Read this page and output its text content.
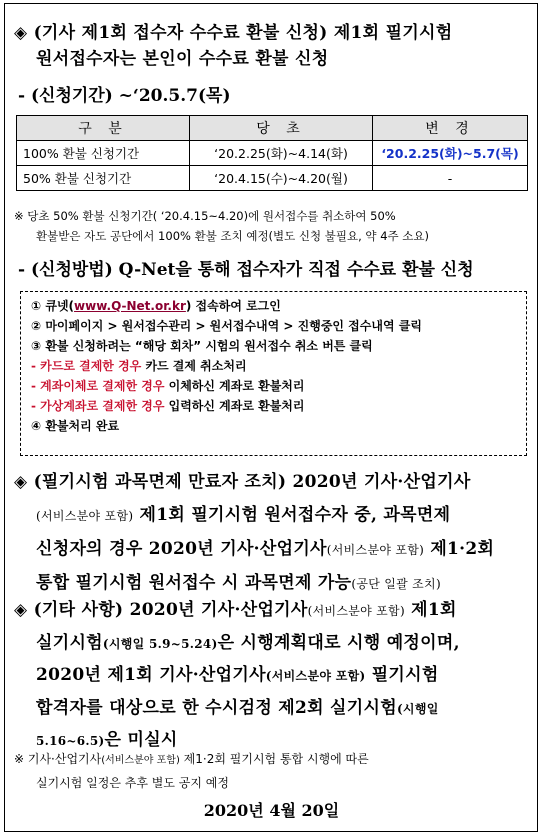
◈ (기사 제1회 접수자 수수료 환불 신청) 제1회 필기시험
원서접수자는 본인이 수수료 환불 신청
- (신청기간) ~‘20.5.7(목)
구 분	당 초	변 경
100% 환불 신청기간	‘20.2.25(화)~4.14(화)	‘20.2.25(화)~5.7(목)
50% 환불 신청기간	‘20.4.15(수)~4.20(월)	-
※ 당초 50% 환불 신청기간( ‘20.4.15~4.20)에 원서접수를 취소하여 50%
환불받은 자도 공단에서 100% 환불 조치 예정(별도 신청 불필요, 약 4주 소요)
- (신청방법) Q-Net을 통해 접수자가 직접 수수료 환불 신청
① 큐넷(www.Q-Net.or.kr) 접속하여 로그인
② 마이페이지 > 원서접수관리 > 원서접수내역 > 진행중인 접수내역 클릭
③ 환불 신청하려는 “해당 회차” 시험의 원서접수 취소 버튼 클릭
- 카드로 결제한 경우 카드 결제 취소처리
- 계좌이체로 결제한 경우 이체하신 계좌로 환불처리
- 가상계좌로 결제한 경우 입력하신 계좌로 환불처리
④ 환불처리 완료
◈ (필기시험 과목면제 만료자 조치) 2020년 기사·산업기사
(서비스분야 포함) 제1회 필기시험 원서접수자 중, 과목면제
신청자의 경우 2020년 기사·산업기사(서비스분야 포함) 제1·2회
통합 필기시험 원서접수 시 과목면제 가능(공단 일괄 조치)
◈ (기타 사항) 2020년 기사·산업기사(서비스분야 포함) 제1회
실기시험(시행일 5.9~5.24)은 시행계획대로 시행 예정이며,
2020년 제1회 기사·산업기사(서비스분야 포함) 필기시험
합격자를 대상으로 한 수시검정 제2회 실기시험(시행일
5.16~6.5)은 미실시
※ 기사·산업기사(서비스분야 포함) 제1·2회 필기시험 통합 시행에 따른
실기시험 일정은 추후 별도 공지 예정
2020년 4월 20일
